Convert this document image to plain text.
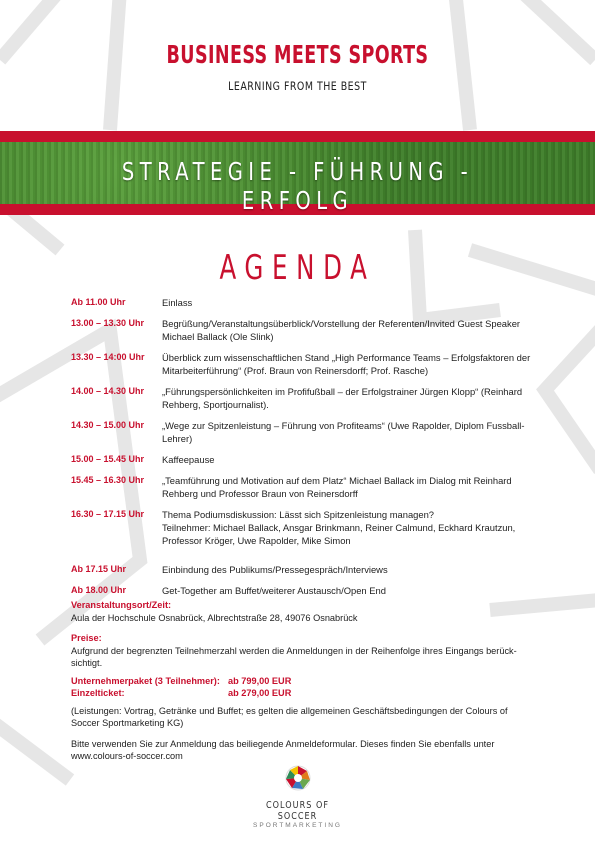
BUSINESS MEETS SPORTS
LEARNING FROM THE BEST
STRATEGIE - FÜHRUNG - ERFOLG
AGENDA
Ab 11.00 Uhr	Einlass
13.00 – 13.30 Uhr	Begrüßung/Veranstaltungsüberblick/Vorstellung der Referenten/Invited Guest Speaker Michael Ballack (Ole Slink)
13.30 – 14:00 Uhr	Überblick zum wissenschaftlichen Stand „High Performance Teams – Erfolgsfaktoren der Mitarbeiterführung“ (Prof. Braun von Reinersdorff; Prof. Rasche)
14.00 – 14.30 Uhr	„Führungspersönlichkeiten im Profifußball – der Erfolgstrainer Jürgen Klopp“ (Reinhard Rehberg, Sportjournalist).
14.30 – 15.00 Uhr	„Wege zur Spitzenleistung – Führung von Profiteams“ (Uwe Rapolder, Diplom Fussball-Lehrer)
15.00 – 15.45 Uhr	Kaffeepause
15.45 – 16.30 Uhr	„Teamführung und Motivation auf dem Platz“ Michael Ballack im Dialog mit Reinhard Rehberg und Professor Braun von Reinersdorff
16.30 – 17.15 Uhr	Thema Podiumsdiskussion: Lässt sich Spitzenleistung managen?
Teilnehmer: Michael Ballack, Ansgar Brinkmann, Reiner Calmund, Eckhard Krautzun, Professor Kröger, Uwe Rapolder, Mike Simon
Ab 17.15 Uhr	Einbindung des Publikums/Pressegespräch/Interviews
Ab 18.00 Uhr	Get-Together am Buffet/weiterer Austausch/Open End
Veranstaltungsort/Zeit:
Aula der Hochschule Osnabrück, Albrechtstraße 28, 49076 Osnabrück
Preise:
Aufgrund der begrenzten Teilnehmerzahl werden die Anmeldungen in der Reihenfolge ihres Eingangs berück-sichtigt.
Unternehmerpaket (3 Teilnehmer): ab 799,00 EUR
Einzelticket:	ab 279,00 EUR
(Leistungen: Vortrag, Getränke und Buffet; es gelten die allgemeinen Geschäftsbedingungen der Colours of Soccer Sportmarketing KG)
Bitte verwenden Sie zur Anmeldung das beiliegende Anmeldeformular. Dieses finden Sie ebenfalls unter
www.colours-of-soccer.com
COLOURS OF SOCCER
SPORTMARKETING
